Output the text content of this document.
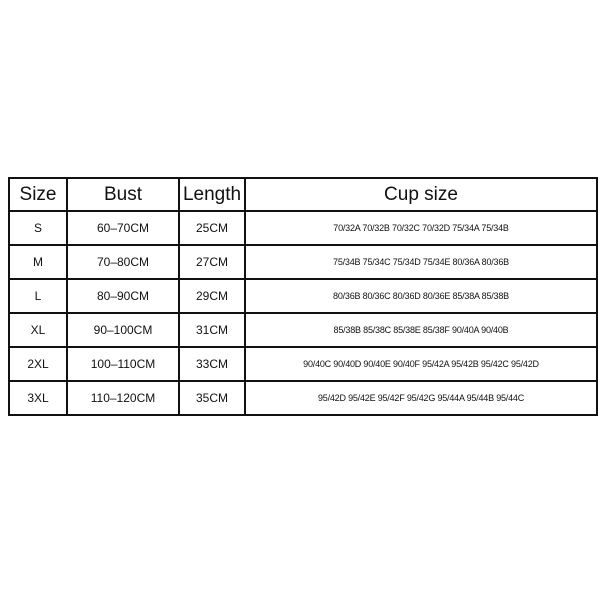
Size	Bust	Length	Cup size
S	60–70CM	25CM	70/32A 70/32B 70/32C 70/32D 75/34A 75/34B
M	70–80CM	27CM	75/34B 75/34C 75/34D 75/34E 80/36A 80/36B
L	80–90CM	29CM	80/36B 80/36C 80/36D 80/36E 85/38A 85/38B
XL	90–100CM	31CM	85/38B 85/38C 85/38E 85/38F 90/40A 90/40B
2XL	100–110CM	33CM	90/40C 90/40D 90/40E 90/40F 95/42A 95/42B 95/42C 95/42D
3XL	110–120CM	35CM	95/42D 95/42E 95/42F 95/42G 95/44A 95/44B 95/44C
